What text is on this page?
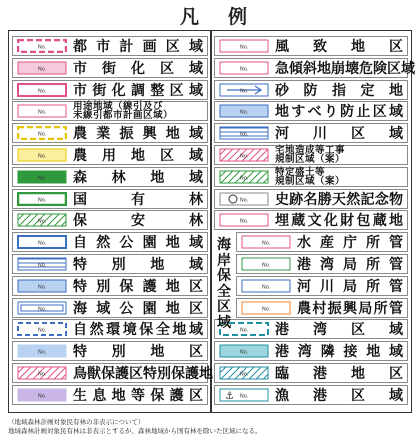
凡 例
No. 都 市 計 画 区 域
No. 市 街 化 区 域
No. 市 街 化 調 整 区 域
No.
用途地域（線引及び
未線引都市計画区域）
No. 農 業 振 興 地 域
No. 農 用 地 区 域
No. 森 林 地 域
No. 国	有	林
No. 保	安	林
No. 自 然 公 園 地 域
No. 特 別 地 域
No. 特 別 保 護 地 区
No. 海 域 公 園 地 区
No. 自 然 環 境 保 全 地 域
No. 特 別 地 区
No. 鳥 獣 保 護 区 特 別 保 護 地
No. 生 息 地 等 保 護 区
No. 風 致 地 区
No. 急 傾 斜 地 崩 壊 危 険 区 域
No. 砂 防 指 定 地
No. 地 す べ り 防 止 区 域
No. 河 川 区 域
No.
宅地造成等工事
規制区域（案）
No.
特定盛土等
規制区域（案）
No. 史 跡 名 勝 天 然 記 念 物
No. 埋 蔵 文 化 財 包 蔵 地
No. 水 産 庁 所 管
No. 港 湾 局 所 管
No. 河 川 局 所 管
No. 農 村 振 興 局 所 管
No. 港 湾 区 域
No. 港 湾 隣 接 地 域
No. 臨 港 地 区
⚓ No. 漁 港 区 域
海
岸
保
全
区
域
（地域森林計画対象民有林の非表示について）
地域森林計画対象民有林は非表示とするが、森林地域から国有林を除いた区域になる。
